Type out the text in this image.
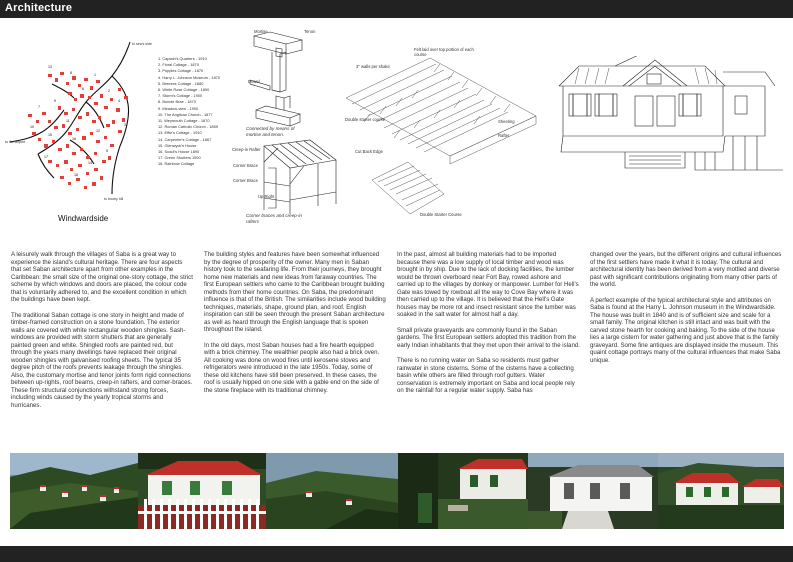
Architecture
13
8	1
2
4
6
9
10
7
3
11
12
15
16
17
5
14
18
to sea's side
to the airport
to booby hill
1. Captain's Quarters - 1910
2. Floral Cottage - 1870
3. Poppies Cottage - 1870
4. Harry L. Johnson Museum - 1870
5. Breezes Cottage - 1880
6. White Rose Cottage - 1890
7. Storm's Cottage - 1900
8. Bonnie Brae - 1870
9. Meadow-view - 1900
10. The Anglican Church - 1877
11. Weymouth Cottage - 1870
12. Roman Catholic Church - 1859
13. Effie's Cottage - 1910
14. Carpenter's Cottage - 1867
15. Glenwyck's House
16. Scout's House 1890
17. Green Shutters 1900
18. Rainbow Cottage
Windwardside
Mortise	Tenon
Dowel
Connected by means of mortise and tenon.
Creep-in Rafter
Corner Brace
Corner Brace
Up Right
Corner braces and creep-in rafters
Felt laid over top portion of each course
3" walls per shake
Double starter course	Sheeting
Rafter
Cut Back Edge
Double Starter Course

A leisurely walk through the villages of Saba is a great way to experience the island's cultural heritage. There are four aspects that set Saban architecture apart from other examples in the Caribbean: the small size of the original one-story cottage, the strict scheme by which windows and doors are placed, the colour code that is voluntarily adhered to, and the excellent condition in which the buildings have been kept.

The traditional Saban cottage is one story in height and made of timber-framed construction on a stone foundation. The exterior walls are covered with white rectangular wooden shingles. Sash-windows are provided with storm shutters that are generally painted green and white. Shingled roofs are painted red, but through the years many dwellings have replaced their original wooden shingles with galvanised roofing sheets. The typical 35 degree pitch of the roofs prevents leakage through the shingles. Also, the customary mortise and tenor joints form rigid connections between up-rights, roof beams, creep-in rafters, and corner-braces. These firm structural conjunctions withstand strong forces, including winds caused by the yearly tropical storms and hurricanes.

The building styles and features have been somewhat influenced by the degree of prosperity of the owner. Many men in Saban history took to the seafaring life. From their journeys, they brought home new materials and new ideas from faraway countries. The first European settlers who came to the Caribbean brought building methods from their home countries. On Saba, the predominant influence is that of the British. The similarities include wood building techniques, materials, shape, ground plan, and roof. English inspiration can still be seen through the present Saban architecture as well as heard through the English language that is spoken throughout the island.

In the old days, most Saban houses had a fire hearth equipped with a brick chimney. The wealthier people also had a brick oven. All cooking was done on wood fires until kerosene stoves and refrigerators were introduced in the late 1950s. Today, some of these old kitchens have still been preserved. In these cases, the roof is usually hipped on one side with a gable end on the side of the stone fireplace with its traditional chimney.

In the past, almost all building materials had to be imported because there was a low supply of local timber and wood was brought in by ship. Due to the lack of docking facilities, the lumber would be thrown overboard near Fort Bay, rowed ashore and carried up to the villages by donkey or manpower. Lumber for Hell's Gate was towed by rowboat all the way to Cove Bay where it was then carried up to the village. It is believed that the Hell's Gate houses may be more rot and insect resistant since the lumber was soaked in the salt water for almost half a day.

Small private graveyards are commonly found in the Saban gardens. The first European settlers adopted this tradition from the early Indian inhabitants that they met upon their arrival to the island.

There is no running water on Saba so residents must gather rainwater in stone cisterns. Some of the cisterns have a collecting basin while others are filled through roof gutters. Water conservation is extremely important on Saba and local people rely on the rainfall for a regular water supply. Saba has

changed over the years, but the different origins and cultural influences of the first settlers have made it what it is today. The cultural and architectural identity has been derived from a very mottled and diverse past with significant contributions originating from many other parts of the world.

A perfect example of the typical architectural style and attributes on Saba is found at the Harry L. Johnson museum in the Windwardside. The house was built in 1840 and is of sufficient size and scale for a small family. The original kitchen is still intact and was built with the carved stone hearth for cooking and baking. To the side of the house lies a large cistern for water gathering and just above that is the family graveyard. Some fine antiques are displayed inside the museum. This quaint cottage portrays many of the cultural influences that make Saba unique.
